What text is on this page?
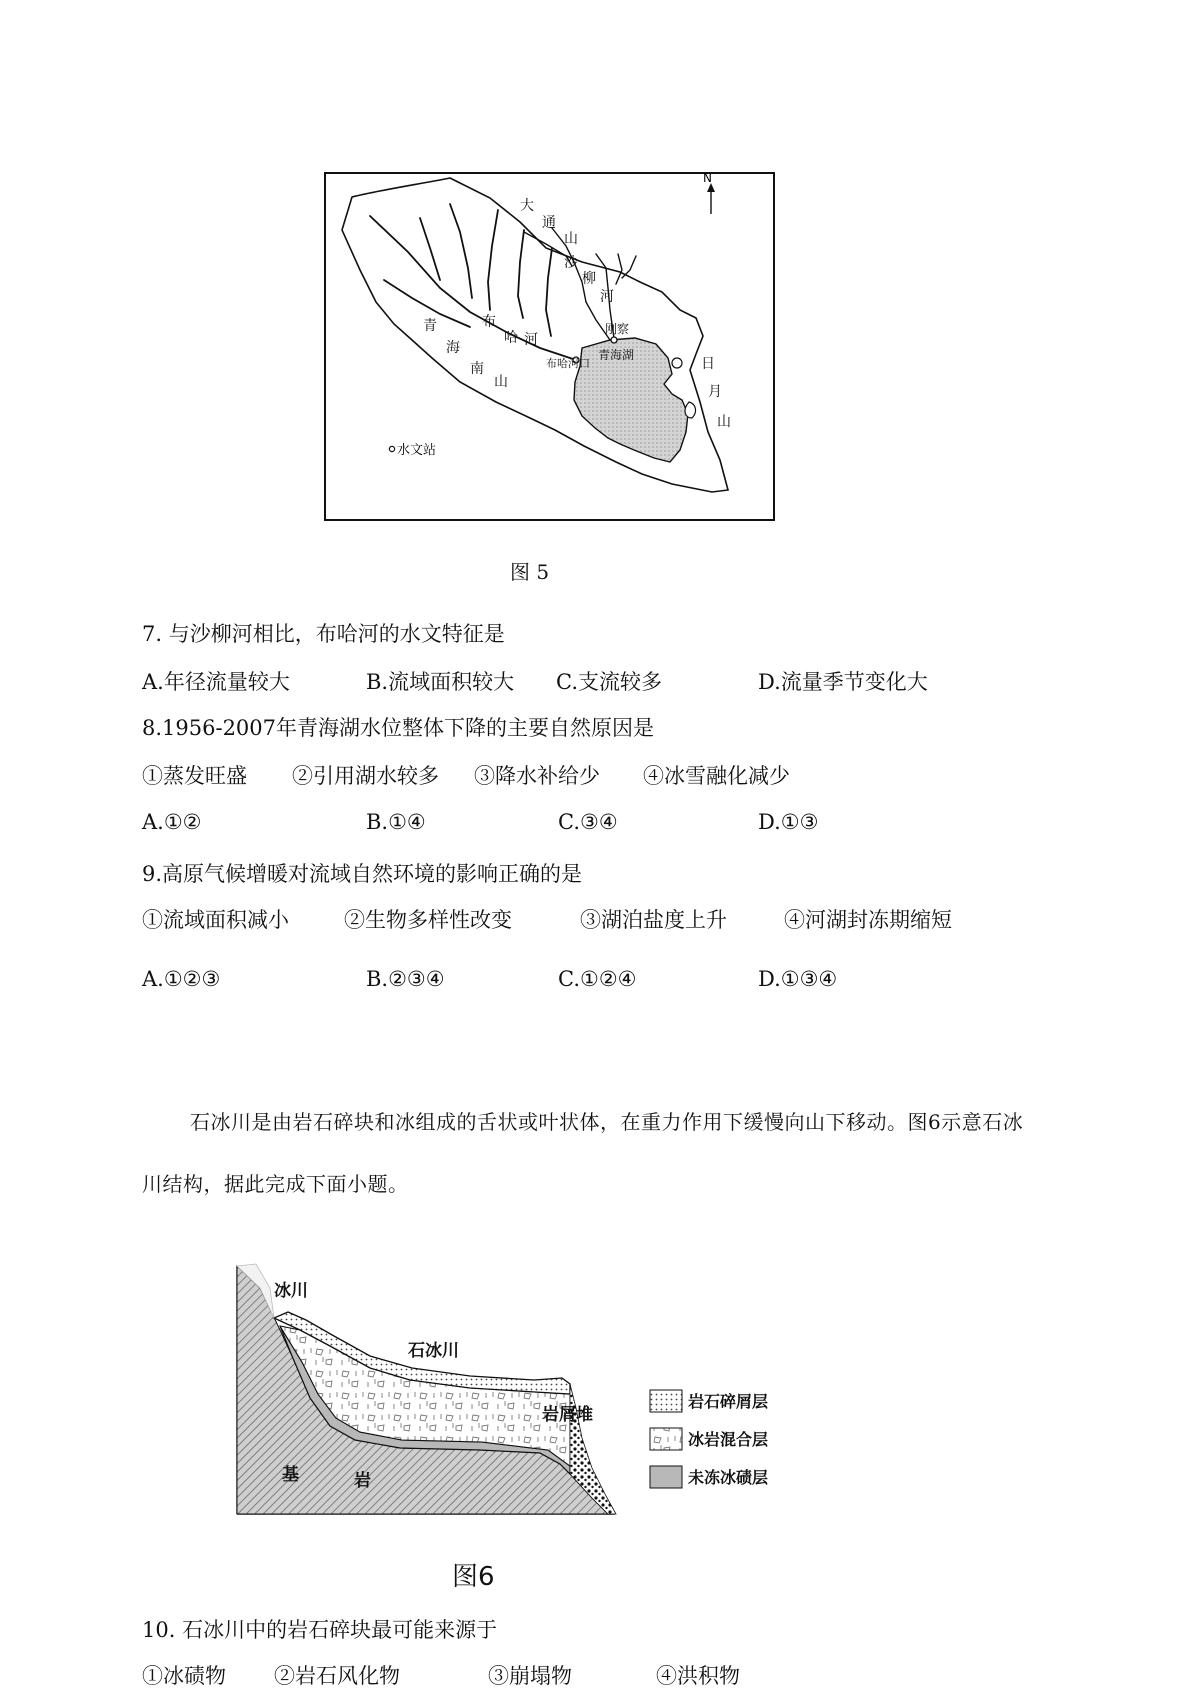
N
大
通
山
沙
柳
河
刚察
青海湖
布
哈 河
布哈河口
青
海
南
山
日
月
山
水文站
图 5
7. 与沙柳河相比，布哈河的水文特征是
A.年径流量较大	B.流域面积较大 C.支流较多	D.流量季节变化大
8.1956-2007年青海湖水位整体下降的主要自然原因是
①蒸发旺盛 ②引用湖水较多 ③降水补给少 ④冰雪融化减少
A.①②	B.①④	C.③④	D.①③
9.高原气候增暖对流域自然环境的影响正确的是
①流域面积减小	②生物多样性改变	③湖泊盐度上升	④河湖封冻期缩短
A.①②③	B.②③④	C.①②④	D.①③④
石冰川是由岩石碎块和冰组成的舌状或叶状体，在重力作用下缓慢向山下移动。图6示意石冰
川结构，据此完成下面小题。
冰川
石冰川
岩屑堆
基	岩
岩石碎屑层
冰岩混合层
未冻冰碛层
图6
10. 石冰川中的岩石碎块最可能来源于
①冰碛物 ②岩石风化物	③崩塌物	④洪积物
